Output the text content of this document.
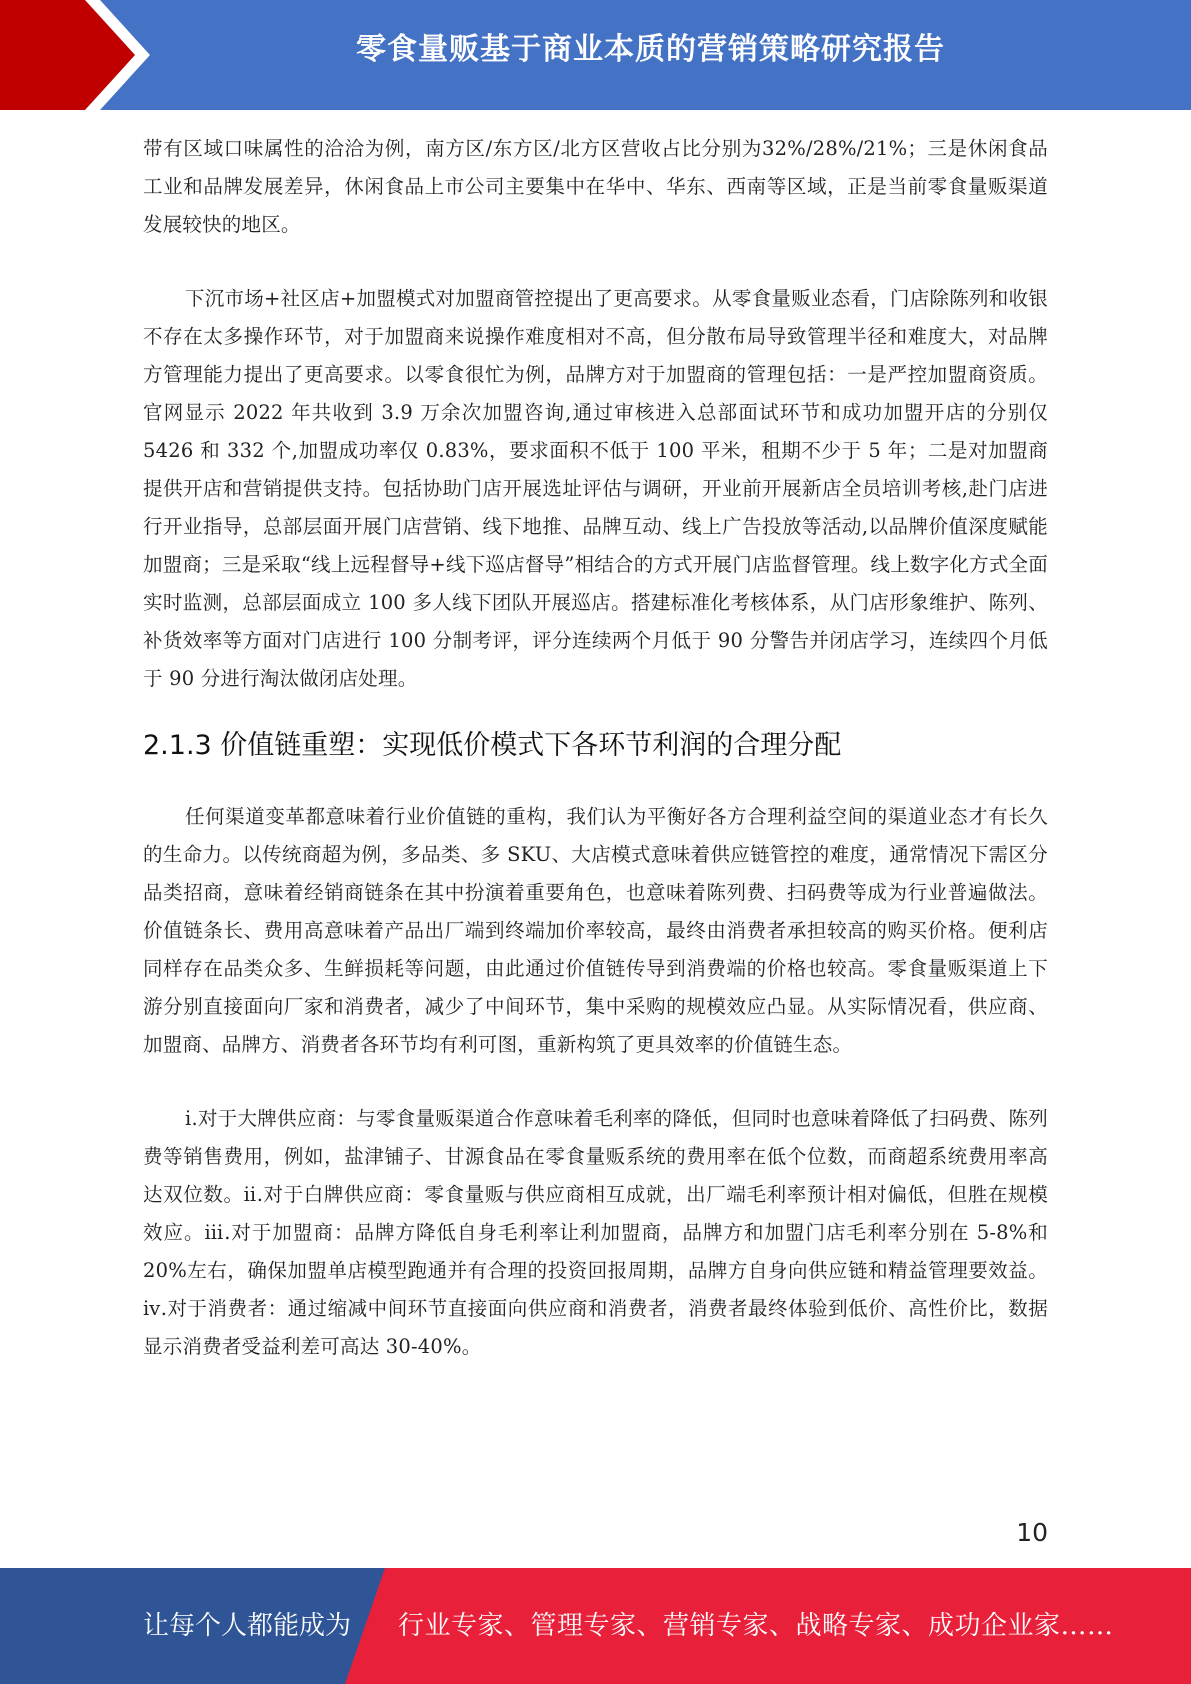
零食量贩基于商业本质的营销策略研究报告

带有区域口味属性的洽洽为例，南方区/东方区/北方区营收占比分别为32%/28%/21%；三是休闲食品工业和品牌发展差异，休闲食品上市公司主要集中在华中、华东、西南等区域，正是当前零食量贩渠道发展较快的地区。

下沉市场+社区店+加盟模式对加盟商管控提出了更高要求。从零食量贩业态看，门店除陈列和收银不存在太多操作环节，对于加盟商来说操作难度相对不高，但分散布局导致管理半径和难度大，对品牌方管理能力提出了更高要求。以零食很忙为例，品牌方对于加盟商的管理包括：一是严控加盟商资质。官网显示 2022 年共收到 3.9 万余次加盟咨询,通过审核进入总部面试环节和成功加盟开店的分别仅 5426 和 332 个,加盟成功率仅 0.83%，要求面积不低于 100 平米，租期不少于 5 年；二是对加盟商提供开店和营销提供支持。包括协助门店开展选址评估与调研，开业前开展新店全员培训考核,赴门店进行开业指导，总部层面开展门店营销、线下地推、品牌互动、线上广告投放等活动,以品牌价值深度赋能加盟商；三是采取“线上远程督导+线下巡店督导”相结合的方式开展门店监督管理。线上数字化方式全面实时监测，总部层面成立 100 多人线下团队开展巡店。搭建标准化考核体系，从门店形象维护、陈列、补货效率等方面对门店进行 100 分制考评，评分连续两个月低于 90 分警告并闭店学习，连续四个月低于 90 分进行淘汰做闭店处理。

2.1.3 价值链重塑：实现低价模式下各环节利润的合理分配

任何渠道变革都意味着行业价值链的重构，我们认为平衡好各方合理利益空间的渠道业态才有长久的生命力。以传统商超为例，多品类、多 SKU、大店模式意味着供应链管控的难度，通常情况下需区分品类招商，意味着经销商链条在其中扮演着重要角色，也意味着陈列费、扫码费等成为行业普遍做法。价值链条长、费用高意味着产品出厂端到终端加价率较高，最终由消费者承担较高的购买价格。便利店同样存在品类众多、生鲜损耗等问题，由此通过价值链传导到消费端的价格也较高。零食量贩渠道上下游分别直接面向厂家和消费者，减少了中间环节，集中采购的规模效应凸显。从实际情况看，供应商、加盟商、品牌方、消费者各环节均有利可图，重新构筑了更具效率的价值链生态。

ⅰ.对于大牌供应商：与零食量贩渠道合作意味着毛利率的降低，但同时也意味着降低了扫码费、陈列费等销售费用，例如，盐津铺子、甘源食品在零食量贩系统的费用率在低个位数，而商超系统费用率高达双位数。ⅱ.对于白牌供应商：零食量贩与供应商相互成就，出厂端毛利率预计相对偏低，但胜在规模效应。ⅲ.对于加盟商：品牌方降低自身毛利率让利加盟商，品牌方和加盟门店毛利率分别在 5-8%和 20%左右，确保加盟单店模型跑通并有合理的投资回报周期，品牌方自身向供应链和精益管理要效益。ⅳ.对于消费者：通过缩减中间环节直接面向供应商和消费者，消费者最终体验到低价、高性价比，数据显示消费者受益利差可高达 30-40%。

10
让每个人都能成为 行业专家、管理专家、营销专家、战略专家、成功企业家……
